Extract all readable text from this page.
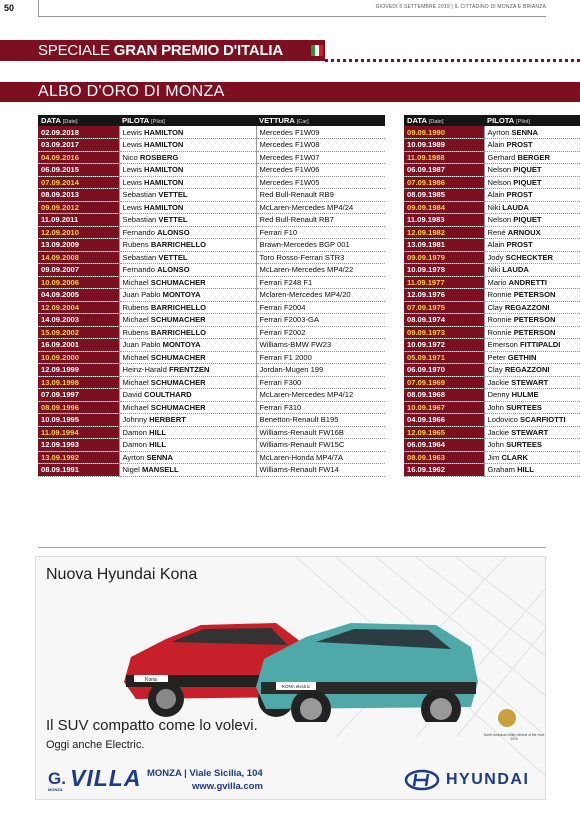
50	GIOVEDÌ 5 SETTEMBRE 2019 | IL CITTADINO DI MONZA E BRIANZA
SPECIALE GRAN PREMIO D'ITALIA
ALBO D'ORO DI MONZA
DATA [Date]	PILOTA [Pilot]	VETTURA [Car]
02.09.2018	Lewis HAMILTON	Mercedes F1W09
03.09.2017	Lewis HAMILTON	Mercedes F1W08
04.09.2016	Nico ROSBERG	Mercedes F1W07
06.09.2015	Lewis HAMILTON	Mercedes F1W06
07.09.2014	Lewis HAMILTON	Mercedes F1W05
08.09.2013	Sebastian VETTEL	Red Bull-Renault RB9
09.09.2012	Lewis HAMILTON	McLaren-Mercedes MP4/24
11.09.2011	Sebastian VETTEL	Red Bull-Renault RB7
12.09.2010	Fernando ALONSO	Ferrari F10
13.09.2009	Rubens BARRICHELLO	Brawn-Mercedes BGP 001
14.09.2008	Sebastian VETTEL	Toro Rosso-Ferrari STR3
09.09.2007	Fernando ALONSO	McLaren-Mercedes MP4/22
10.09.2006	Michael SCHUMACHER	Ferrari F248 F1
04.09.2005	Juan Pablo MONTOYA	Mclaren-Mercedes MP4/20
12.09.2004	Rubens BARRICHELLO	Ferrari F2004
14.09.2003	Michael SCHUMACHER	Ferrari F2003-GA
15.09.2002	Rubens BARRICHELLO	Ferrari F2002
16.09.2001	Juan Pablo MONTOYA	Williams-BMW FW23
10.09.2000	Michael SCHUMACHER	Ferrari F1 2000
12.09.1999	Heinz-Harald FRENTZEN	Jordan-Mugen 199
13.09.1998	Michael SCHUMACHER	Ferrari F300
07.09.1997	David COULTHARD	McLaren-Mercedes MP4/12
08.09.1996	Michael SCHUMACHER	Ferrari F310
10.09.1995	Johnny HERBERT	Benetton-Renault B195
11.09.1994	Damon HILL	Williams-Renault FW16B
12.09.1993	Damon HILL	Williams-Renault FW15C
13.09.1992	Ayrton SENNA	McLaren-Honda MP4/7A
08.09.1991	Nigel MANSELL	Williams-Renault FW14
DATA [Date]	PILOTA [Pilot]
09.09.1990	Ayrton SENNA
10.09.1989	Alain PROST
11.09.1988	Gerhard BERGER
06.09.1987	Nelson PIQUET
07.09.1986	Nelson PIQUET
08.09.1985	Alain PROST
09.09.1984	Niki LAUDA
11.09.1983	Nelson PIQUET
12.09.1982	René ARNOUX
13.09.1981	Alain PROST
09.09.1979	Jody SCHECKTER
10.09.1978	Niki LAUDA
11.09.1977	Mario ANDRETTI
12.09.1976	Ronnie PETERSON
07.09.1975	Clay REGAZZONI
08.09.1974	Ronnie PETERSON
09.09.1973	Ronnie PETERSON
10.09.1972	Emerson FITTIPALDI
05.09.1971	Peter GETHIN
06.09.1970	Clay REGAZZONI
07.09.1969	Jackie STEWART
08.09.1968	Denny HULME
10.09.1967	John SURTEES
04.09.1966	Lodovico SCARFIOTTI
12.09.1965	Jackie STEWART
06.09.1964	John SURTEES
08.09.1963	Jim CLARK
16.09.1962	Graham HILL
Nuova Hyundai Kona
Kona
KONA electric
Il SUV compatto come lo volevi.
Oggi anche Electric.
North American Utility Vehicle of the Year 2019
G. VILLA
MONZA
MONZA | Viale Sicilia, 104
www.gvilla.com	HYUNDAI
